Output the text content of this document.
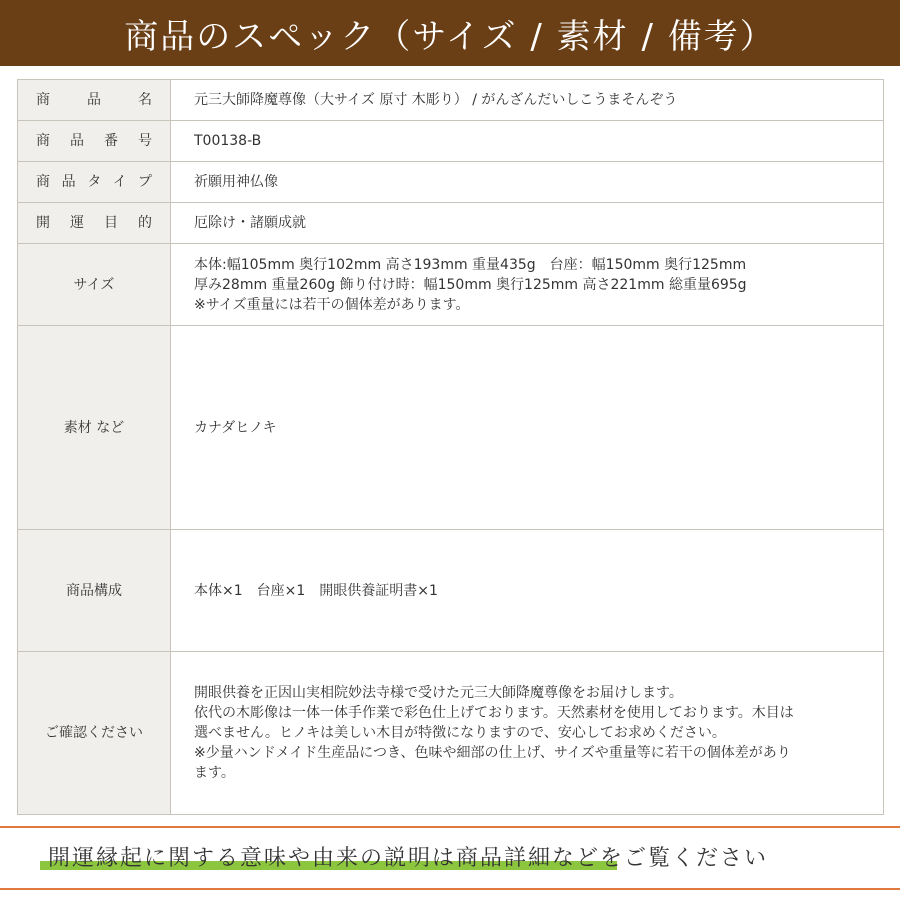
商品のスペック（サイズ / 素材 / 備考）
商品名	元三大師降魔尊像（大サイズ 原寸 木彫り） / がんざんだいしこうまそんぞう
商品番号	T00138-B
商品タイプ	祈願用神仏像
開運目的	厄除け・諸願成就
サイズ	本体:幅105mm 奥行102mm 高さ193mm 重量435g　台座：幅150mm 奥行125mm
厚み28mm 重量260g 飾り付け時：幅150mm 奥行125mm 高さ221mm 総重量695g
※サイズ重量には若干の個体差があります。

素材 など	カナダヒノキ
商品構成	本体×1　台座×1　開眼供養証明書×1
ご確認ください	開眼供養を正因山実相院妙法寺様で受けた元三大師降魔尊像をお届けします。
依代の木彫像は一体一体手作業で彩色仕上げております。天然素材を使用しております。木目は
選べません。ヒノキは美しい木目が特徴になりますので、安心してお求めください。
※少量ハンドメイド生産品につき、色味や細部の仕上げ、サイズや重量等に若干の個体差があり
ます。
開運縁起に関する意味や由来の説明は商品詳細などをご覧ください
